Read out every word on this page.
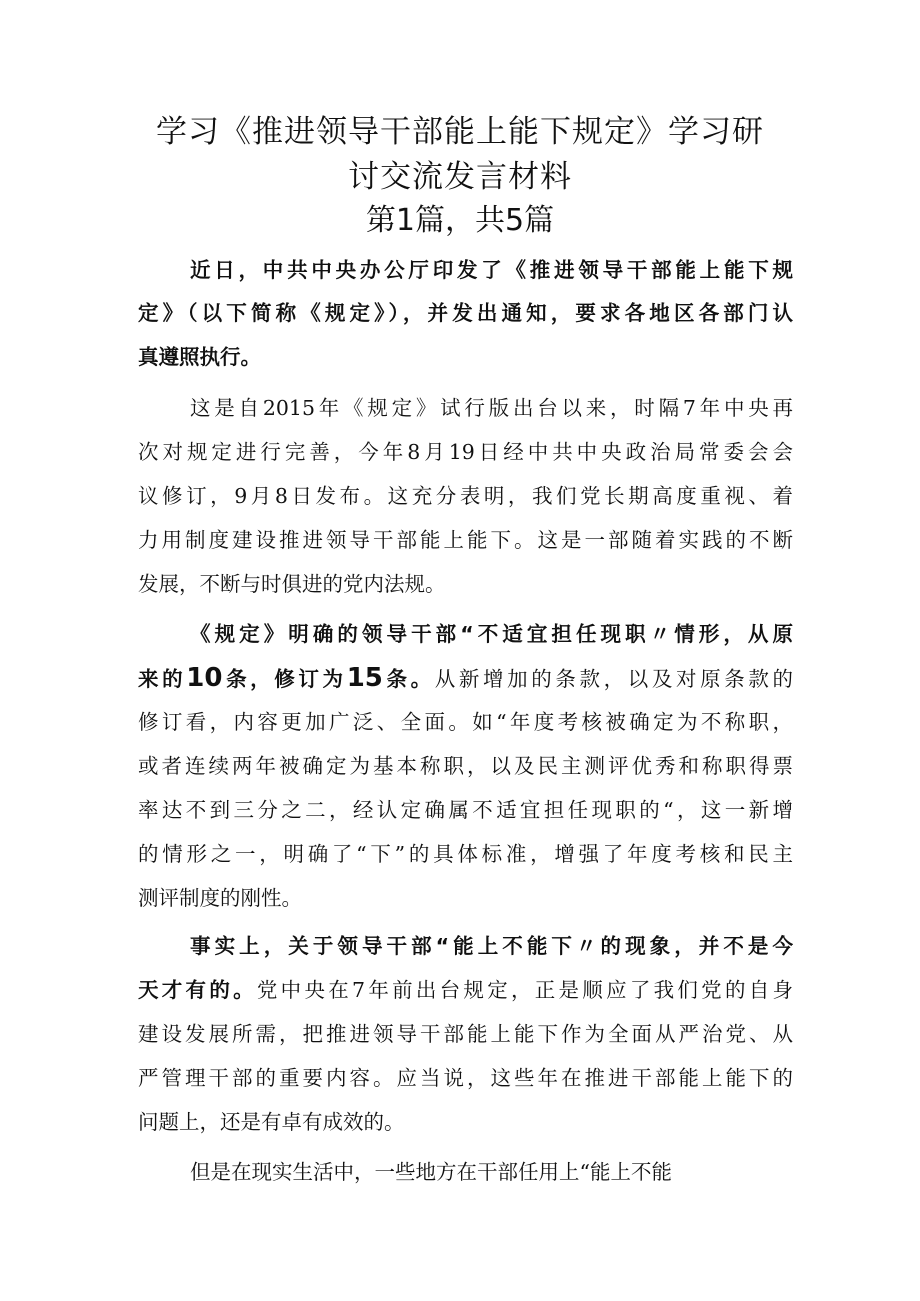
学习《推进领导干部能上能下规定》学习研
讨交流发言材料
第1篇，共5篇
近日，中共中央办公厅印发了《推进领导干部能上能下规
定》（以下简称《规定》），并发出通知，要求各地区各部门认
真遵照执行。
这是自2015年《规定》试行版出台以来，时隔7年中央再
次对规定进行完善，今年8月19日经中共中央政治局常委会会
议修订，9月8日发布。这充分表明，我们党长期高度重视、着
力用制度建设推进领导干部能上能下。这是一部随着实践的不断
发展，不断与时俱进的党内法规。
《规定》明确的领导干部“不适宜担任现职〃情形，从原
来的10条，修订为15条。从新增加的条款，以及对原条款的
修订看，内容更加广泛、全面。如“年度考核被确定为不称职，
或者连续两年被确定为基本称职，以及民主测评优秀和称职得票
率达不到三分之二，经认定确属不适宜担任现职的“，这一新增
的情形之一，明确了“下”的具体标准，增强了年度考核和民主
测评制度的刚性。
事实上，关于领导干部“能上不能下〃的现象，并不是今
天才有的。党中央在7年前出台规定，正是顺应了我们党的自身
建设发展所需，把推进领导干部能上能下作为全面从严治党、从
严管理干部的重要内容。应当说，这些年在推进干部能上能下的
问题上，还是有卓有成效的。
但是在现实生活中，一些地方在干部任用上“能上不能
